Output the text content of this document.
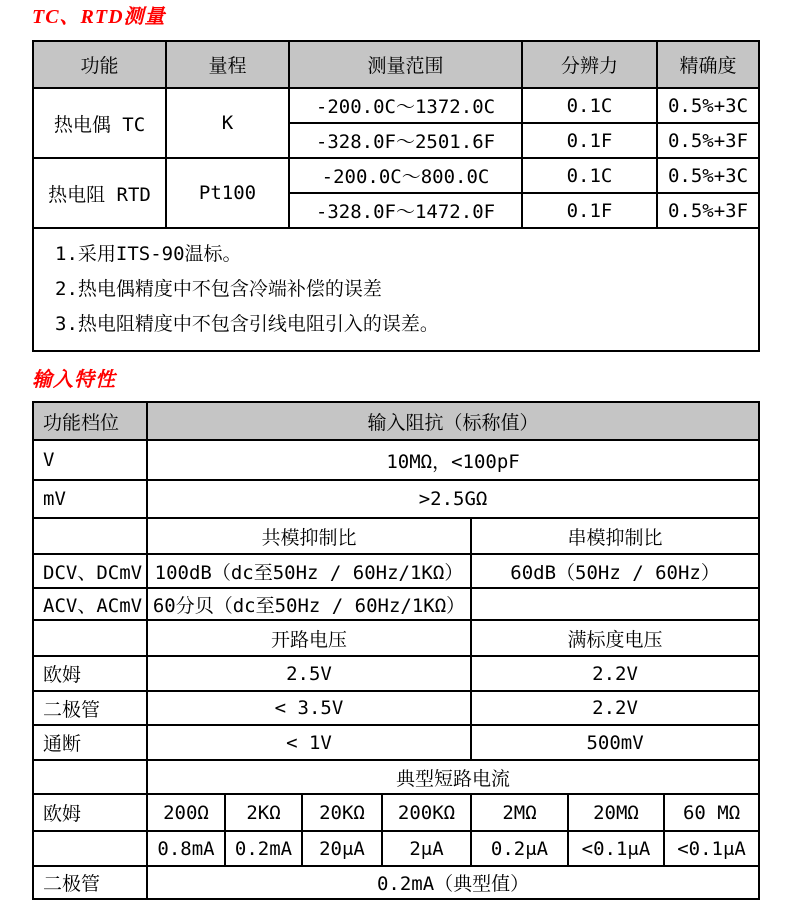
TC、RTD测量
功能	量程	测量范围	分辨力	精确度
热电偶 TC	K	-200.0C～1372.0C	0.1C	0.5%+3C
		-328.0F～2501.6F	0.1F	0.5%+3F
热电阻 RTD	Pt100	-200.0C～800.0C	0.1C	0.5%+3C
		-328.0F～1472.0F	0.1F	0.5%+3F

1.采用ITS-90温标。
2.热电偶精度中不包含冷端补偿的误差
3.热电阻精度中不包含引线电阻引入的误差。				
输入特性
功能档位	输入阻抗（标称值）						
V	10MΩ，<100pF						
mV	>2.5GΩ						
	共模抑制比				串模抑制比		
DCV、DCmV	100dB（dc至50Hz / 60Hz/1KΩ）				60dB（50Hz / 60Hz）		
ACV、ACmV	60分贝（dc至50Hz / 60Hz/1KΩ）						
	开路电压				满标度电压		
欧姆	2.5V				2.2V		
二极管	< 3.5V				2.2V		
通断	< 1V				500mV		
	典型短路电流						
欧姆	200Ω	2KΩ	20KΩ	200KΩ	2MΩ	20MΩ	60 MΩ
	0.8mA	0.2mA	20μA	2μA	0.2μA	<0.1μA	<0.1μA
二极管	0.2mA（典型值）						
